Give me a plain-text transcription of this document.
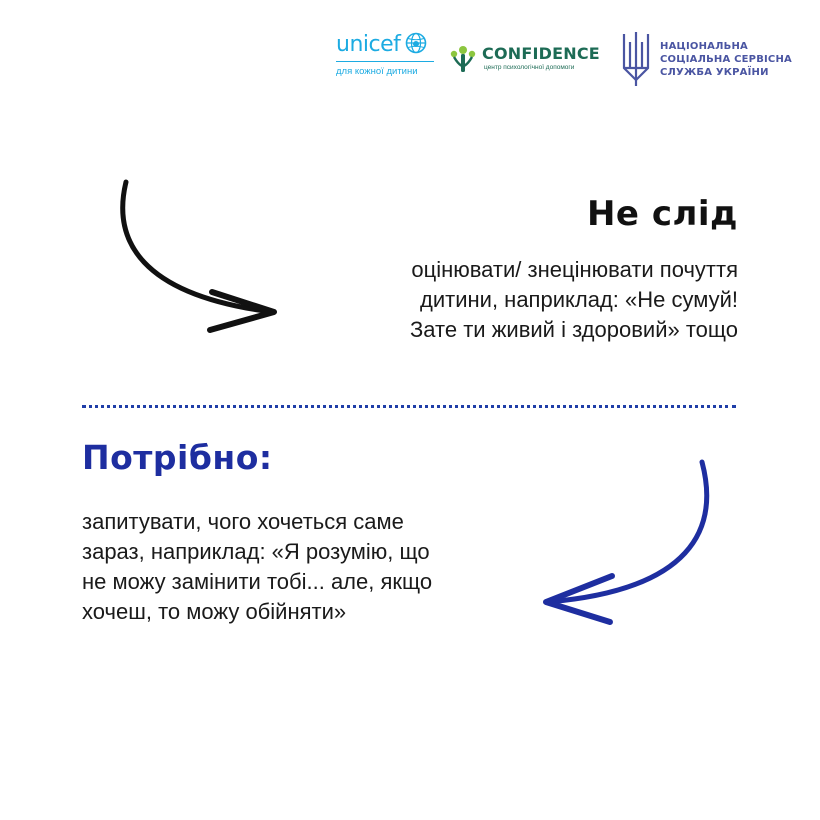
unicef
для кожної дитини
CONFIDENCE
центр психологічної допомоги
НАЦІОНАЛЬНА
СОЦІАЛЬНА СЕРВІСНА
СЛУЖБА УКРАЇНИ
Не слід
оцінювати/ знецінювати почуття
дитини, наприклад: «Не сумуй!
Зате ти живий і здоровий» тощо
Потрібно:
запитувати, чого хочеться саме
зараз, наприклад: «Я розумію, що
не можу замінити тобі... але, якщо
хочеш, то можу обійняти»
